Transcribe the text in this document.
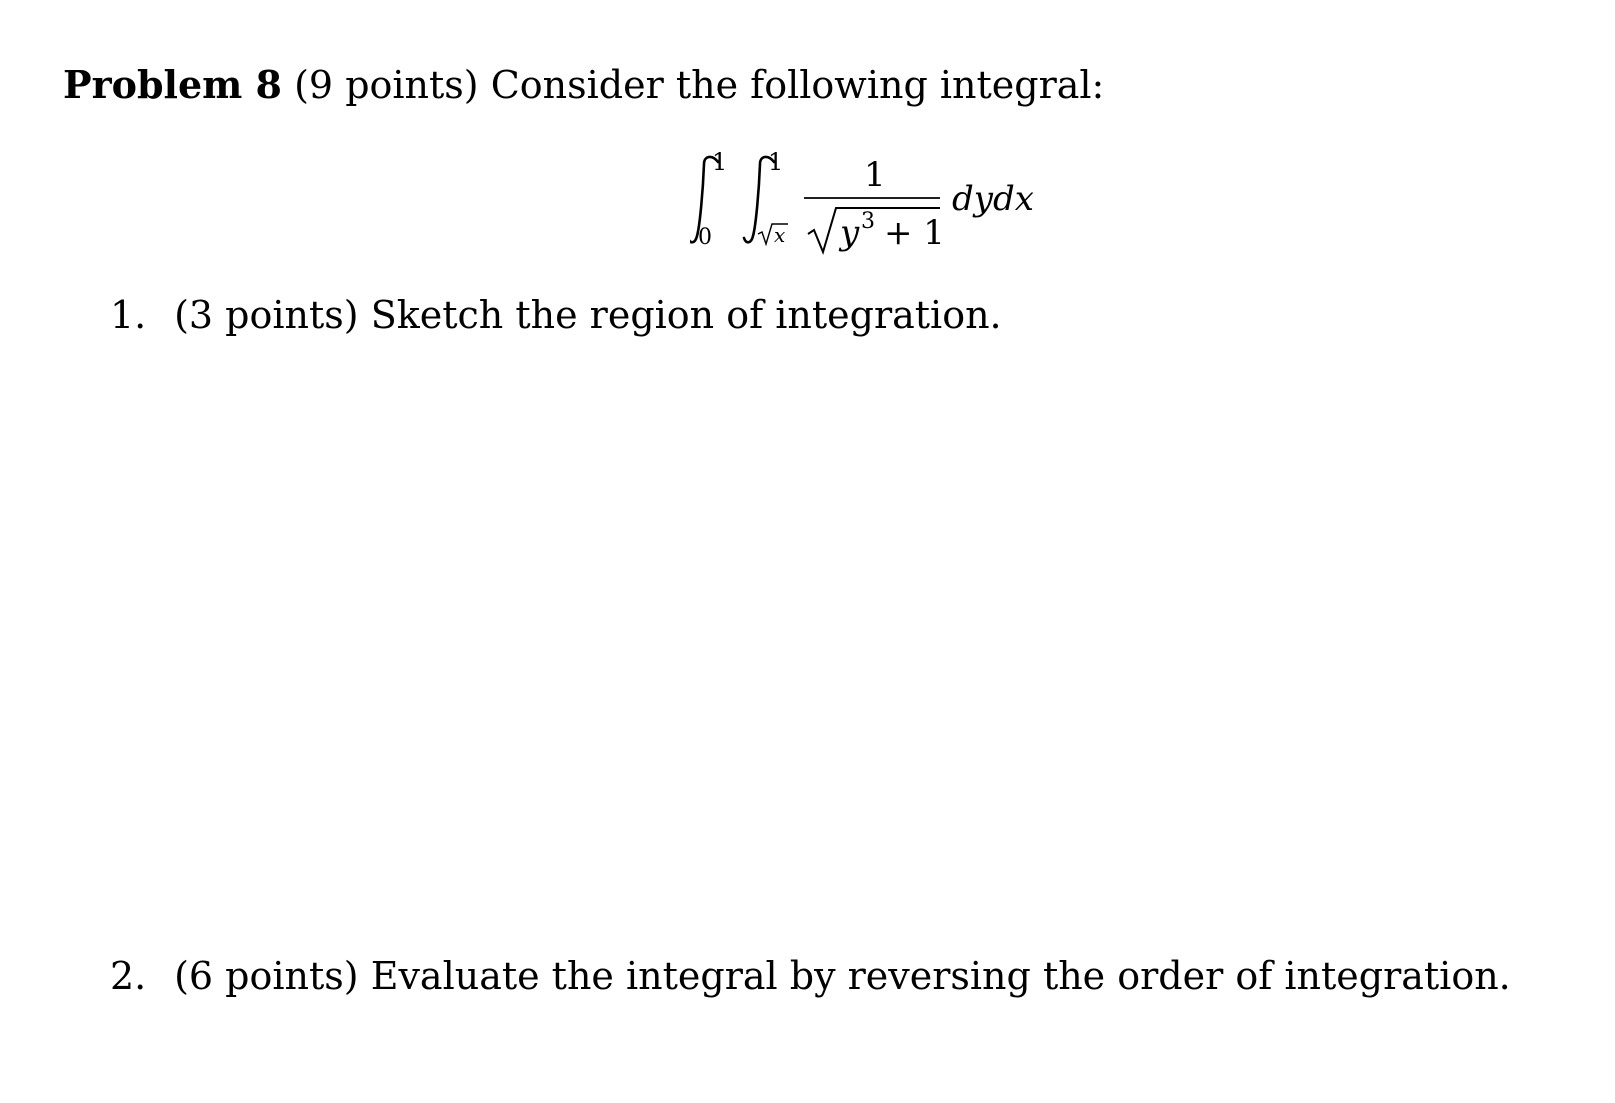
Problem 8 (9 points) Consider the following integral:
1
0
1
x
1
y 3 + 1
dydx
1. (3 points) Sketch the region of integration.
2. (6 points) Evaluate the integral by reversing the order of integration.
